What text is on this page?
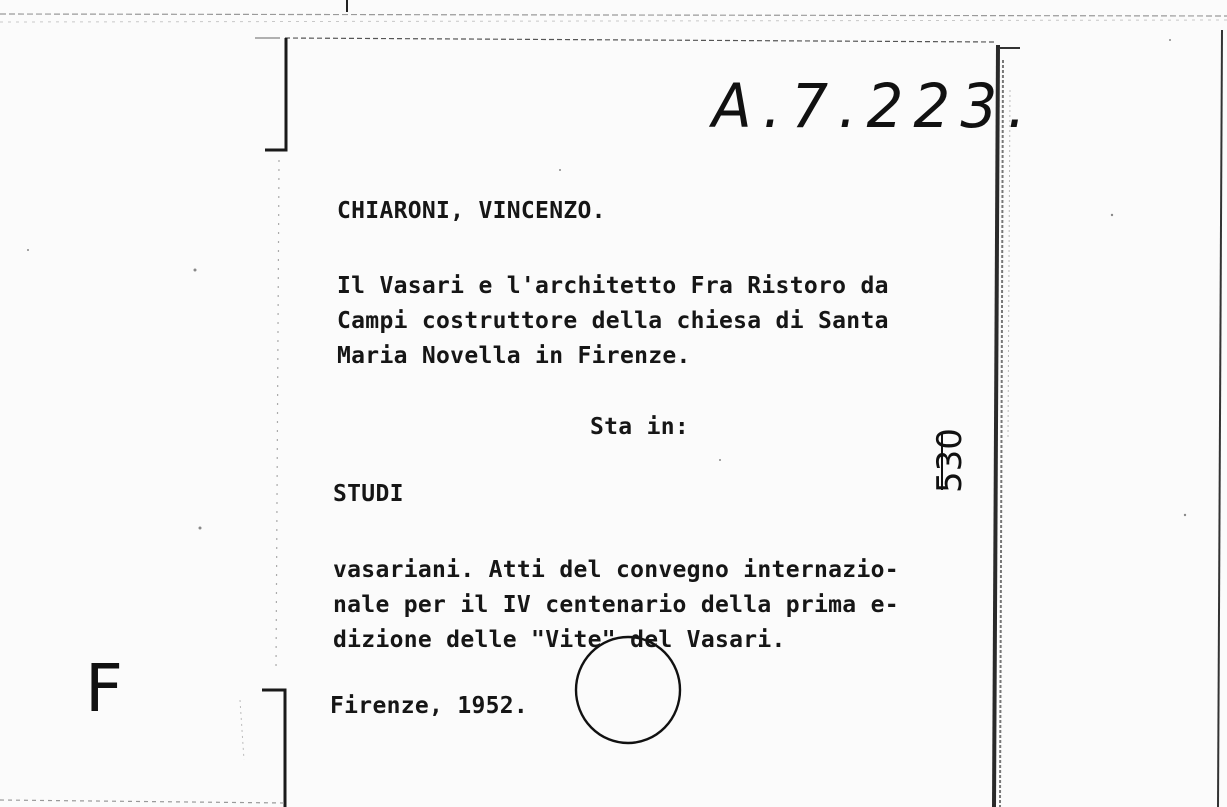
A.7.223.
F
530
CHIARONI, VINCENZO.
Il Vasari e l'architetto Fra Ristoro da
Campi costruttore della chiesa di Santa
Maria Novella in Firenze.
Sta in:
STUDI
vasariani. Atti del convegno internazio-
nale per il IV centenario della prima e-
dizione delle "Vite" del Vasari.
Firenze, 1952.
